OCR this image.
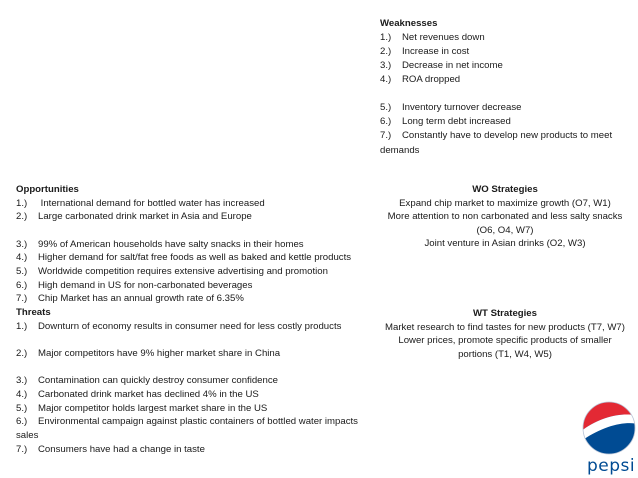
Weaknesses
1.) Net revenues down
2.) Increase in cost
3.) Decrease in net income
4.) ROA dropped
5.) Inventory turnover decrease
6.) Long term debt increased
7.) Constantly have to develop new products to meet demands
Opportunities
1.) International demand for bottled water has increased
2.) Large carbonated drink market in Asia and Europe
3.) 99% of American households have salty snacks in their homes
4.) Higher demand for salt/fat free foods as well as baked and kettle products
5.) Worldwide competition requires extensive advertising and promotion
6.) High demand in US for non-carbonated beverages
7.) Chip Market has an annual growth rate of 6.35%
Threats
1.) Downturn of economy results in consumer need for less costly products
2.) Major competitors have 9% higher market share in China
3.) Contamination can quickly destroy consumer confidence
4.) Carbonated drink market has declined 4% in the US
5.) Major competitor holds largest market share in the US
6.) Environmental campaign against plastic containers of bottled water impacts sales
7.) Consumers have had a change in taste
WO Strategies
Expand chip market to maximize growth (O7, W1)
More attention to non carbonated and less salty snacks (O6, O4, W7)
Joint venture in Asian drinks (O2, W3)
WT Strategies
Market research to find tastes for new products (T7, W7)
Lower prices, promote specific products of smaller portions (T1, W4, W5)
pepsi
